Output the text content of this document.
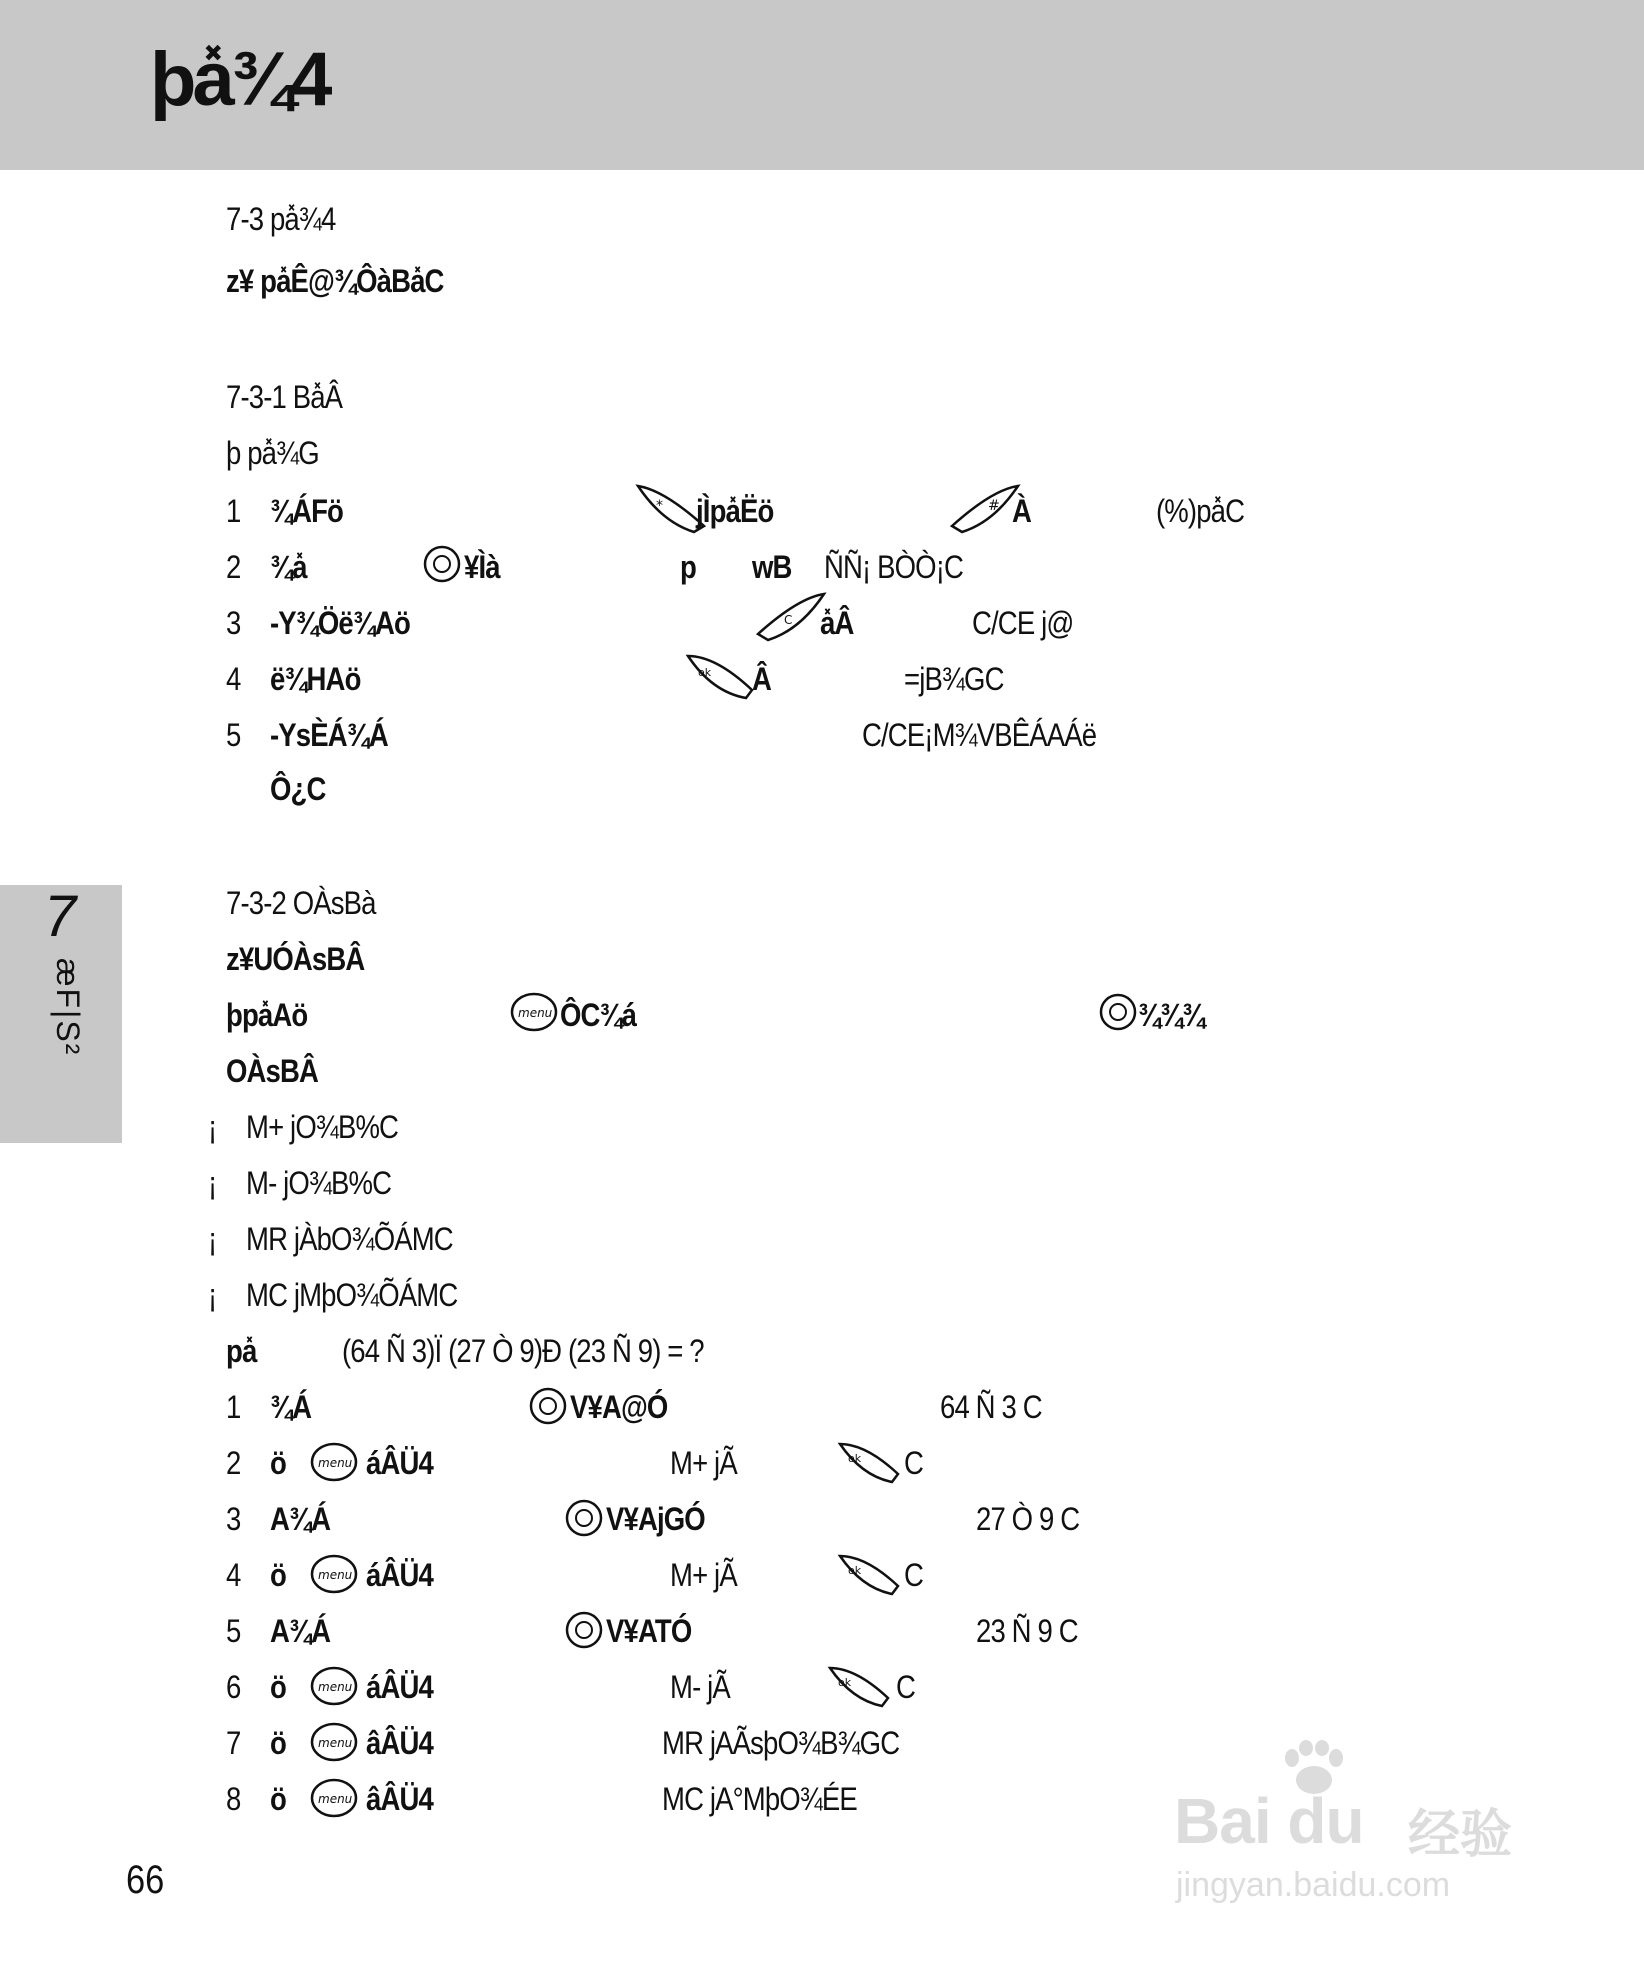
þa̽¾4
7
æF|S²
7-3 pa̽¾4
z¥ pa̽Ê@¾ÔàBa̽C
7-3-1 Ba̽Â
þ pa̽¾G
1 ¾ÁFö	* jÌpa̽Ëö	# À	(%)pa̽C
2 ¾a̽	¥Ìà	p wB ÑÑ¡ BÒÒ¡C
3 -Y¾Öë¾Aö	C a̽Â	C/CE j@
4 ë¾HAö	ok Â	=jB¾GC
5 -YsÈÁ¾Á	C/CE¡M¾VBÊÁAÁë
Ô¿C
7-3-2 OÀsBà
z¥UÓÀsBÂ
þpa̽Aö	menu ÔC¾á	¾¾¾
OÀsBÂ
¡ M+ jO¾B%C
¡ M- jO¾B%C
¡ MR jÀbO¾ÕÁMC
¡ MC jMþO¾ÕÁMC
pa̽	(64 Ñ 3)Ï (27 Ò 9)Ð (23 Ñ 9) = ?
1 ¾Á	V¥A@Ó	64 Ñ 3 C
2 ö	menu áÂÜ4	M+ jÃ	ok C
3 A¾Á	V¥AjGÓ	27 Ò 9 C
4 ö	menu áÂÜ4	M+ jÃ	ok C
5 A¾Á	V¥ATÓ	23 Ñ 9 C
6 ö	menu áÂÜ4	M- jÃ	ok C
7 ö	menu âÂÜ4	MR jAÃsþO¾B¾GC
8 ö	menu âÂÜ4	MC jA°MþO¾ÉE
66
Bai du 经验
jingyan.baidu.com
